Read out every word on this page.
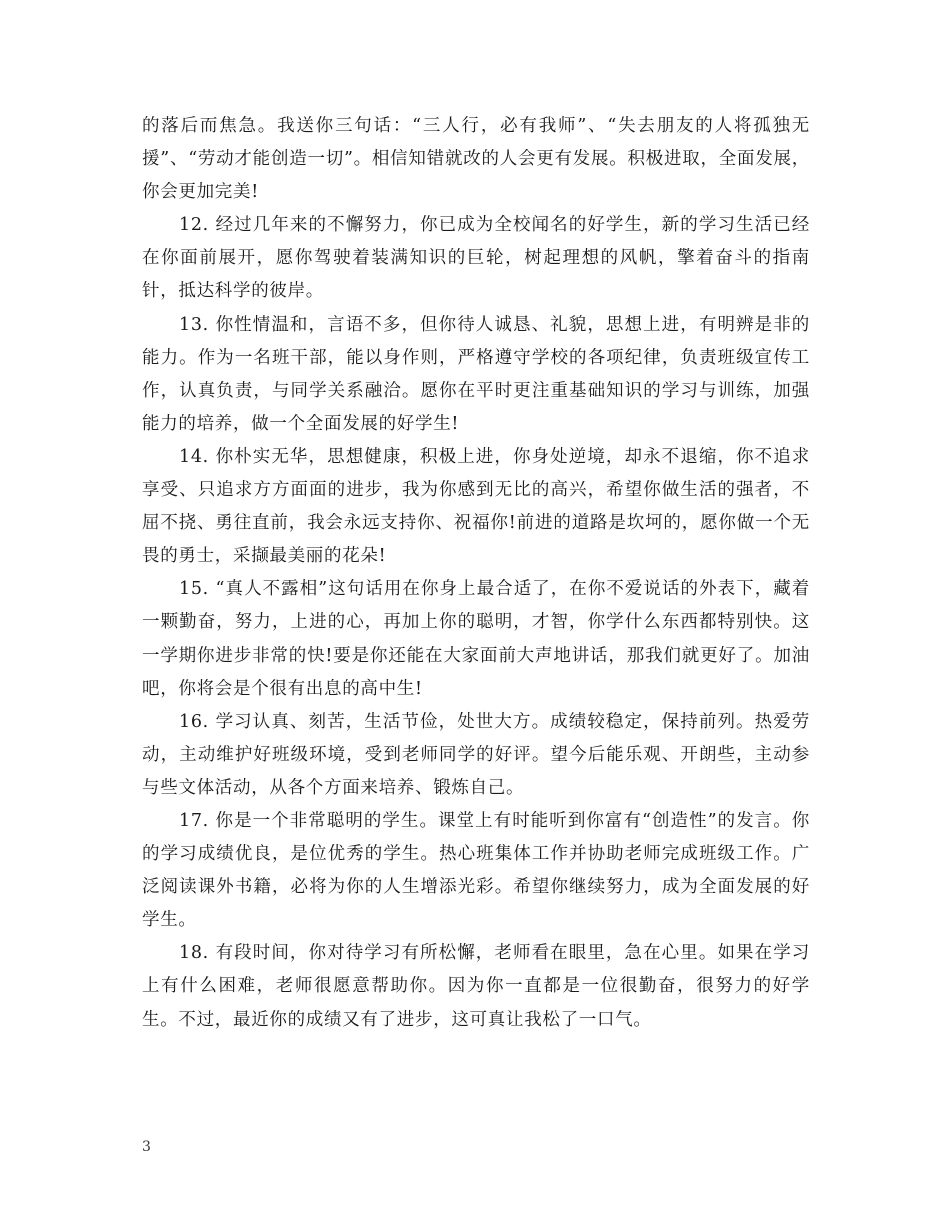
的落后而焦急。我送你三句话：“三人行，必有我师”、“失去朋友的人将孤独无援”、“劳动才能创造一切”。相信知错就改的人会更有发展。积极进取，全面发展，你会更加完美!

12. 经过几年来的不懈努力，你已成为全校闻名的好学生，新的学习生活已经在你面前展开，愿你驾驶着装满知识的巨轮，树起理想的风帆，擎着奋斗的指南针，抵达科学的彼岸。

13. 你性情温和，言语不多，但你待人诚恳、礼貌，思想上进，有明辨是非的能力。作为一名班干部，能以身作则，严格遵守学校的各项纪律，负责班级宣传工作，认真负责，与同学关系融洽。愿你在平时更注重基础知识的学习与训练，加强能力的培养，做一个全面发展的好学生!

14. 你朴实无华，思想健康，积极上进，你身处逆境，却永不退缩，你不追求享受、只追求方方面面的进步，我为你感到无比的高兴，希望你做生活的强者，不屈不挠、勇往直前，我会永远支持你、祝福你!前进的道路是坎坷的，愿你做一个无畏的勇士，采撷最美丽的花朵!

15. “真人不露相”这句话用在你身上最合适了，在你不爱说话的外表下，藏着一颗勤奋，努力，上进的心，再加上你的聪明，才智，你学什么东西都特别快。这一学期你进步非常的快!要是你还能在大家面前大声地讲话，那我们就更好了。加油吧，你将会是个很有出息的高中生!

16. 学习认真、刻苦，生活节俭，处世大方。成绩较稳定，保持前列。热爱劳动，主动维护好班级环境，受到老师同学的好评。望今后能乐观、开朗些，主动参与些文体活动，从各个方面来培养、锻炼自己。

17. 你是一个非常聪明的学生。课堂上有时能听到你富有“创造性”的发言。你的学习成绩优良，是位优秀的学生。热心班集体工作并协助老师完成班级工作。广泛阅读课外书籍，必将为你的人生增添光彩。希望你继续努力，成为全面发展的好学生。

18. 有段时间，你对待学习有所松懈，老师看在眼里，急在心里。如果在学习上有什么困难，老师很愿意帮助你。因为你一直都是一位很勤奋，很努力的好学生。不过，最近你的成绩又有了进步，这可真让我松了一口气。

3
